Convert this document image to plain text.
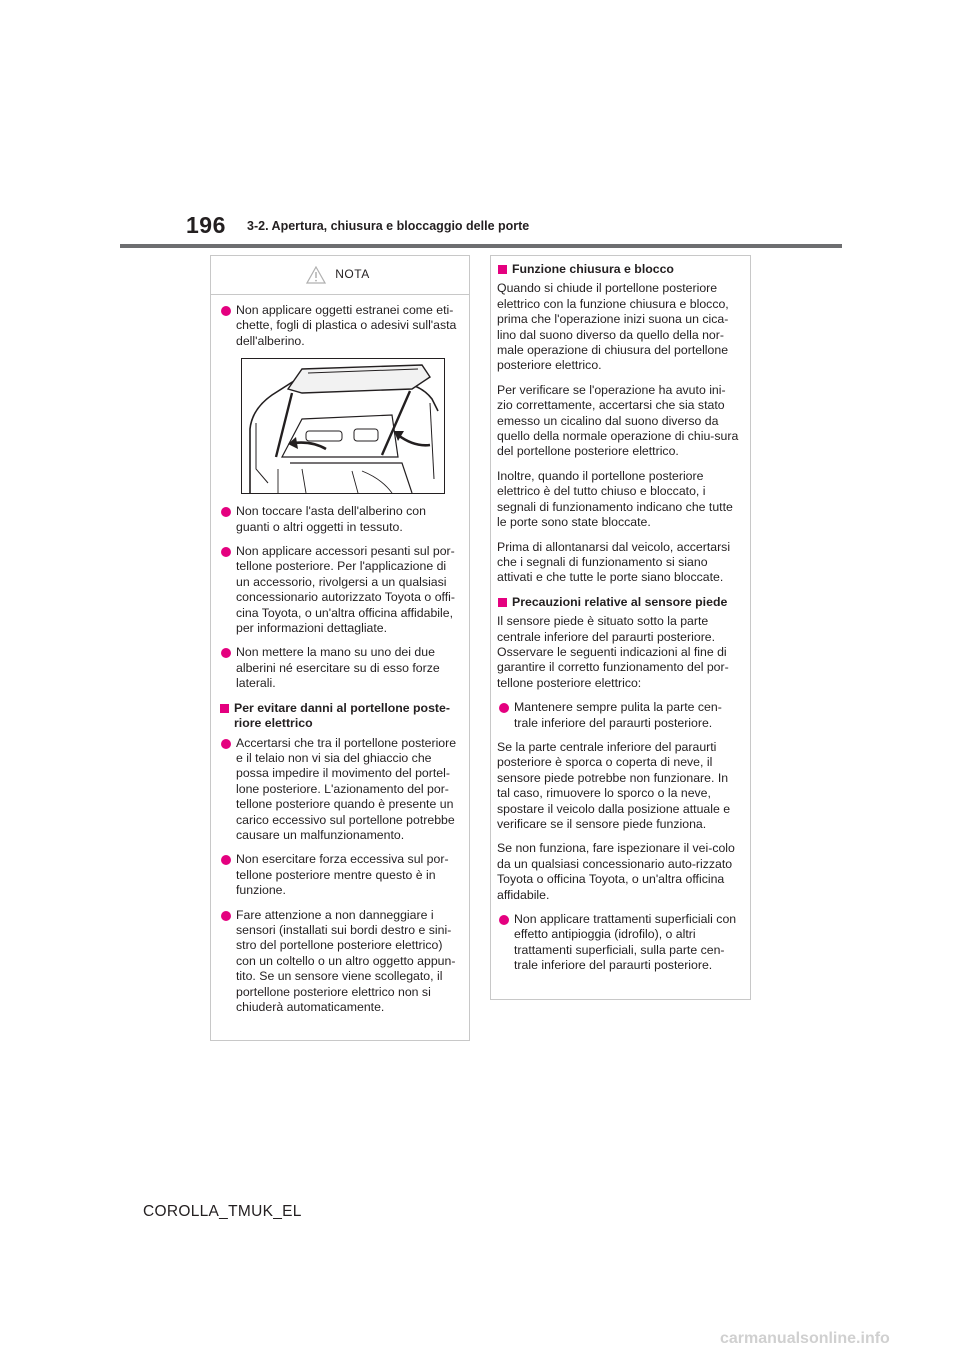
196 3-2. Apertura, chiusura e bloccaggio delle porte
NOTA
Non applicare oggetti estranei come eti-chette, fogli di plastica o adesivi sull'asta dell'alberino.
Non toccare l'asta dell'alberino con guanti o altri oggetti in tessuto.
Non applicare accessori pesanti sul por-tellone posteriore. Per l'applicazione di un accessorio, rivolgersi a un qualsiasi concessionario autorizzato Toyota o offi-cina Toyota, o un'altra officina affidabile, per informazioni dettagliate.
Non mettere la mano su uno dei due alberini né esercitare su di esso forze laterali.
Per evitare danni al portellone poste-riore elettrico
Accertarsi che tra il portellone posteriore e il telaio non vi sia del ghiaccio che possa impedire il movimento del portel-lone posteriore. L'azionamento del por-tellone posteriore quando è presente un carico eccessivo sul portellone potrebbe causare un malfunzionamento.
Non esercitare forza eccessiva sul por-tellone posteriore mentre questo è in funzione.
Fare attenzione a non danneggiare i sensori (installati sui bordi destro e sini-stro del portellone posteriore elettrico) con un coltello o un altro oggetto appun-tito. Se un sensore viene scollegato, il portellone posteriore elettrico non si chiuderà automaticamente.
Funzione chiusura e blocco
Quando si chiude il portellone posteriore elettrico con la funzione chiusura e blocco, prima che l'operazione inizi suona un cica-lino dal suono diverso da quello della nor-male operazione di chiusura del portellone posteriore elettrico.
Per verificare se l'operazione ha avuto ini-zio correttamente, accertarsi che sia stato emesso un cicalino dal suono diverso da quello della normale operazione di chiu-sura del portellone posteriore elettrico.
Inoltre, quando il portellone posteriore elettrico è del tutto chiuso e bloccato, i segnali di funzionamento indicano che tutte le porte sono state bloccate.
Prima di allontanarsi dal veicolo, accertarsi che i segnali di funzionamento si siano attivati e che tutte le porte siano bloccate.
Precauzioni relative al sensore piede
Il sensore piede è situato sotto la parte centrale inferiore del paraurti posteriore. Osservare le seguenti indicazioni al fine di garantire il corretto funzionamento del por-tellone posteriore elettrico:
Mantenere sempre pulita la parte cen-trale inferiore del paraurti posteriore.
Se la parte centrale inferiore del paraurti posteriore è sporca o coperta di neve, il sensore piede potrebbe non funzionare. In tal caso, rimuovere lo sporco o la neve, spostare il veicolo dalla posizione attuale e verificare se il sensore piede funziona.
Se non funziona, fare ispezionare il vei-colo da un qualsiasi concessionario auto-rizzato Toyota o officina Toyota, o un'altra officina affidabile.
Non applicare trattamenti superficiali con effetto antipioggia (idrofilo), o altri trattamenti superficiali, sulla parte cen-trale inferiore del paraurti posteriore.
COROLLA_TMUK_EL
carmanualsonline.info
